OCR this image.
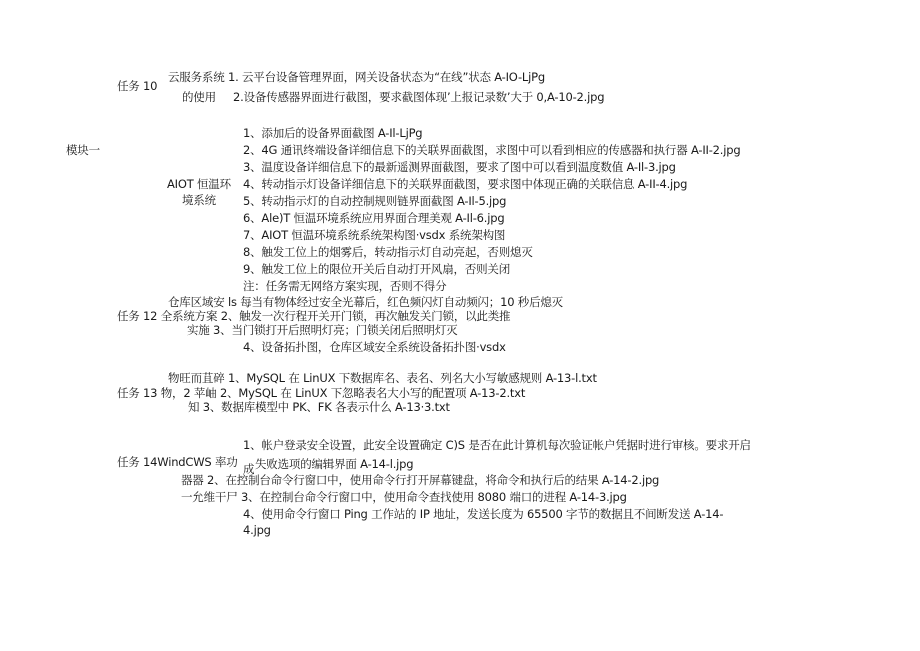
云服务系统 1. 云平台设备管理界面，网关设备状态为“在线”状态 A-IO-LjPg
任务 10
的使用 2.设备传感器界面进行截图，要求截图体现’上报记录数’大于 0,A-10-2.jpg
1、添加后的设备界面截图 A-Il-LjPg
模块一	2、4G 通讯终端设备详细信息下的关联界面截图，求图中可以看到相应的传感器和执行器 A-II-2.jpg
3、温度设备详细信息下的最新遥测界面截图，要求了图中可以看到温度数值 A-Il-3.jpg
AIOT 恒温环 4、转动指示灯设备详细信息下的关联界面截图，要求图中体现正确的关联信息 A-II-4.jpg
境系统 5、转动指示灯的自动控制规则链界面截图 A-Il-5.jpg
6、Ale)T 恒温环境系统应用界面合理美观 A-Il-6.jpg
7、AIOT 恒温环境系统系统架构图·vsdx 系统架构图
8、触发工位上的烟雾后，转动指示灯自动亮起，否则熄灭
9、触发工位上的限位开关后自动打开风扇，否则关闭
注：任务需无网络方案实现，否则不得分
仓库区域安 ls 每当有物体经过安全光幕后，红色频闪灯自动频闪；10 秒后熄灭
任务 12 全系统方案 2、触发一次行程开关开门锁，再次触发关门锁，以此类推
实施 3、当门锁打开后照明灯亮；门锁关闭后照明灯灭
4、设备拓扑图，仓库区域安全系统设备拓扑图·vsdx
物旺而苴碎 1、MySQL 在 LinUX 下数据库名、表名、列名大小写敏感规则 A-13-l.txt
任务 13 物，2 苹岫 2、MySQL 在 LinUX 下忽略表名大小写的配置项 A-13-2.txt
知 3、数据库模型中 PK、FK 各表示什么 A-13·3.txt
1、帐户登录安全设置，此安全设置确定 C)S 是否在此计算机每次验证帐户凭据时进行审核。要求开启
任务 14WindCWS 率功 成 失败选项的编辑界面 A-14-l.jpg
器器 2、在控制台命令行窗口中，使用命令行打开屏幕键盘，将命令和执行后的结果 A-14-2.jpg
一允维干尸 3、在控制台命令行窗口中，使用命令查找使用 8080 端口的进程 A-14-3.jpg
4、使用命令行窗口 Ping 工作站的 IP 地址，发送长度为 65500 字节的数据且不间断发送 A-14-
4.jpg
